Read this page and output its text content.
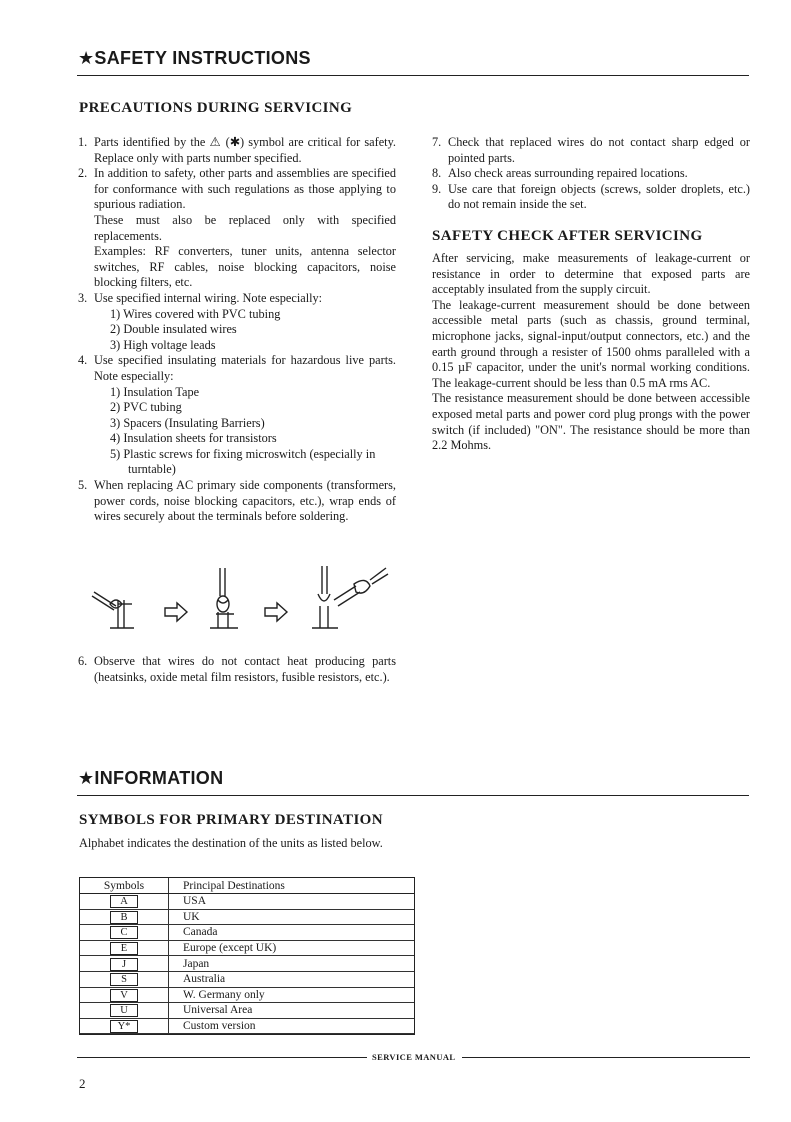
★SAFETY INSTRUCTIONS
PRECAUTIONS DURING SERVICING
1. Parts identified by the ⚠ (✱) symbol are critical for safety. Replace only with parts number specified.
2. In addition to safety, other parts and assemblies are specified for conformance with such regulations as those applying to spurious radiation.
These must also be replaced only with specified replacements.
Examples: RF converters, tuner units, antenna selector switches, RF cables, noise blocking capacitors, noise blocking filters, etc.
3. Use specified internal wiring. Note especially:
1) Wires covered with PVC tubing
2) Double insulated wires
3) High voltage leads
4. Use specified insulating materials for hazardous live parts. Note especially:
1) Insulation Tape
2) PVC tubing
3) Spacers (Insulating Barriers)
4) Insulation sheets for transistors
5) Plastic screws for fixing microswitch (especially in
turntable)
5. When replacing AC primary side components (transformers, power cords, noise blocking capacitors, etc.), wrap ends of wires securely about the terminals before soldering.
6. Observe that wires do not contact heat producing parts (heatsinks, oxide metal film resistors, fusible resistors, etc.).
7. Check that replaced wires do not contact sharp edged or pointed parts.
8. Also check areas surrounding repaired locations.
9. Use care that foreign objects (screws, solder droplets, etc.) do not remain inside the set.
SAFETY CHECK AFTER SERVICING
After servicing, make measurements of leakage-current or resistance in order to determine that exposed parts are acceptably insulated from the supply circuit.
The leakage-current measurement should be done between accessible metal parts (such as chassis, ground terminal, microphone jacks, signal-input/output connectors, etc.) and the earth ground through a resister of 1500 ohms paralleled with a 0.15 µF capacitor, under the unit's normal working conditions. The leakage-current should be less than 0.5 mA rms AC.
The resistance measurement should be done between accessible exposed metal parts and power cord plug prongs with the power switch (if included) "ON". The resistance should be more than 2.2 Mohms.
★INFORMATION
SYMBOLS FOR PRIMARY DESTINATION
Alphabet indicates the destination of the units as listed below.
Symbols	Principal Destinations
A	USA
B	UK
C	Canada
E	Europe (except UK)
J	Japan
S	Australia
V	W. Germany only
U	Universal Area
Y*	Custom version
SERVICE MANUAL
2
